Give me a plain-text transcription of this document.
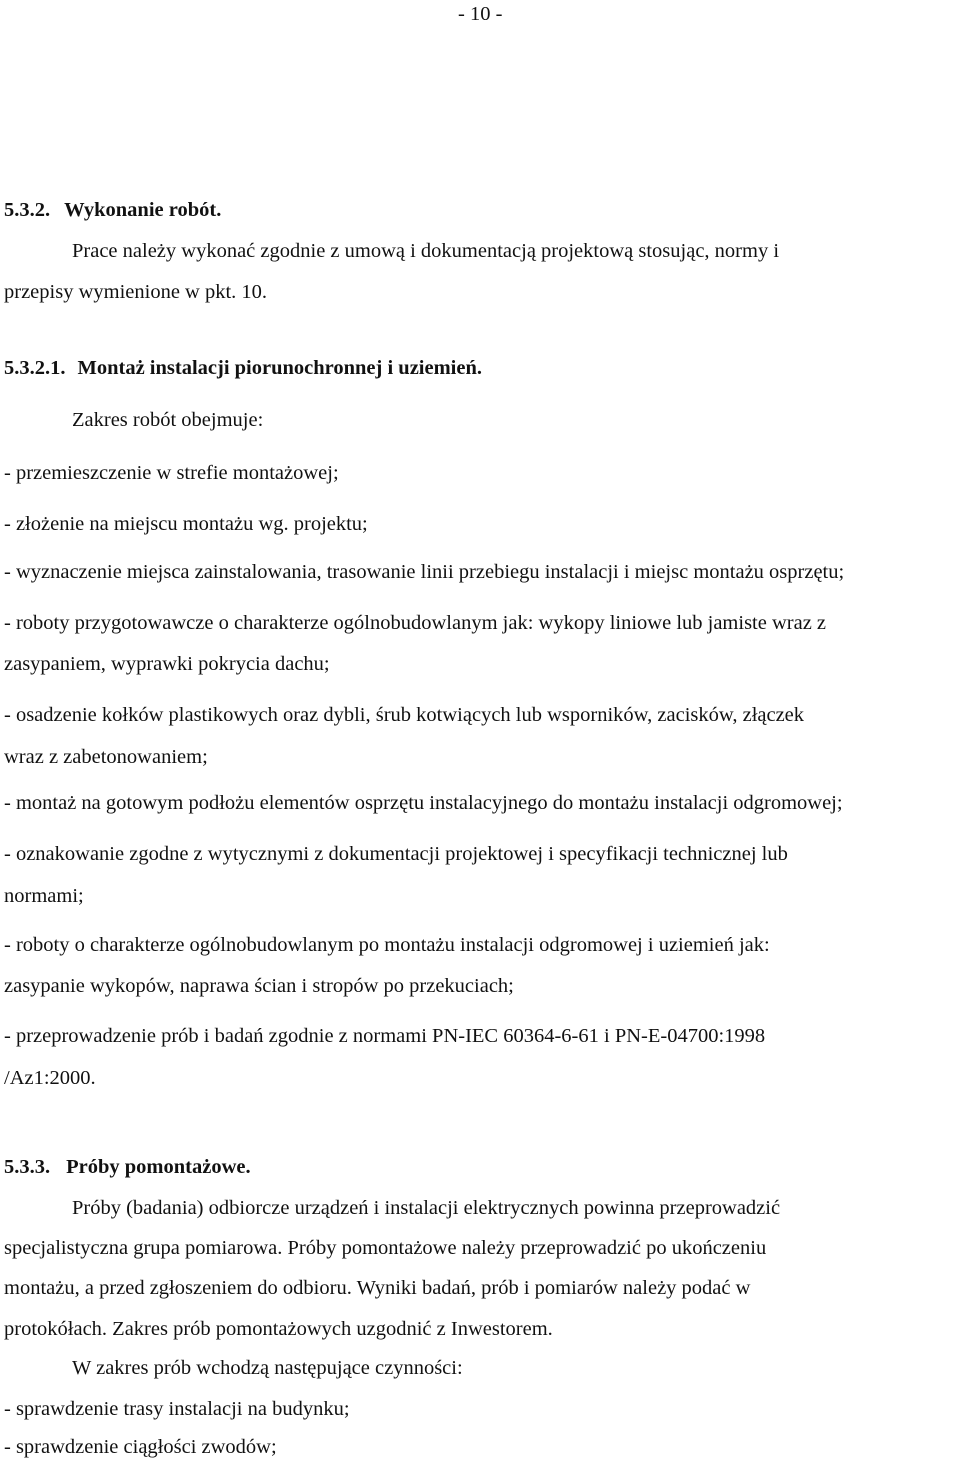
- 10 -
5.3.2. Wykonanie robót.
Prace należy wykonać zgodnie z umową i dokumentacją projektową stosując, normy i
przepisy wymienione w pkt. 10.
5.3.2.1. Montaż instalacji piorunochronnej i uziemień.
Zakres robót obejmuje:
- przemieszczenie w strefie montażowej;
- złożenie na miejscu montażu wg. projektu;
- wyznaczenie miejsca zainstalowania, trasowanie linii przebiegu instalacji i miejsc montażu osprzętu;
- roboty przygotowawcze o charakterze ogólnobudowlanym jak: wykopy liniowe lub jamiste wraz z
zasypaniem, wyprawki pokrycia dachu;
- osadzenie kołków plastikowych oraz dybli, śrub kotwiących lub wsporników, zacisków, złączek
wraz z zabetonowaniem;
- montaż na gotowym podłożu elementów osprzętu instalacyjnego do montażu instalacji odgromowej;
- oznakowanie zgodne z wytycznymi z dokumentacji projektowej i specyfikacji technicznej lub
normami;
- roboty o charakterze ogólnobudowlanym po montażu instalacji odgromowej i uziemień jak:
zasypanie wykopów, naprawa ścian i stropów po przekuciach;
- przeprowadzenie prób i badań zgodnie z normami PN-IEC 60364-6-61 i PN-E-04700:1998
/Az1:2000.
5.3.3. Próby pomontażowe.
Próby (badania) odbiorcze urządzeń i instalacji elektrycznych powinna przeprowadzić
specjalistyczna grupa pomiarowa. Próby pomontażowe należy przeprowadzić po ukończeniu
montażu, a przed zgłoszeniem do odbioru. Wyniki badań, prób i pomiarów należy podać w
protokółach. Zakres prób pomontażowych uzgodnić z Inwestorem.
W zakres prób wchodzą następujące czynności:
- sprawdzenie trasy instalacji na budynku;
- sprawdzenie ciągłości zwodów;
